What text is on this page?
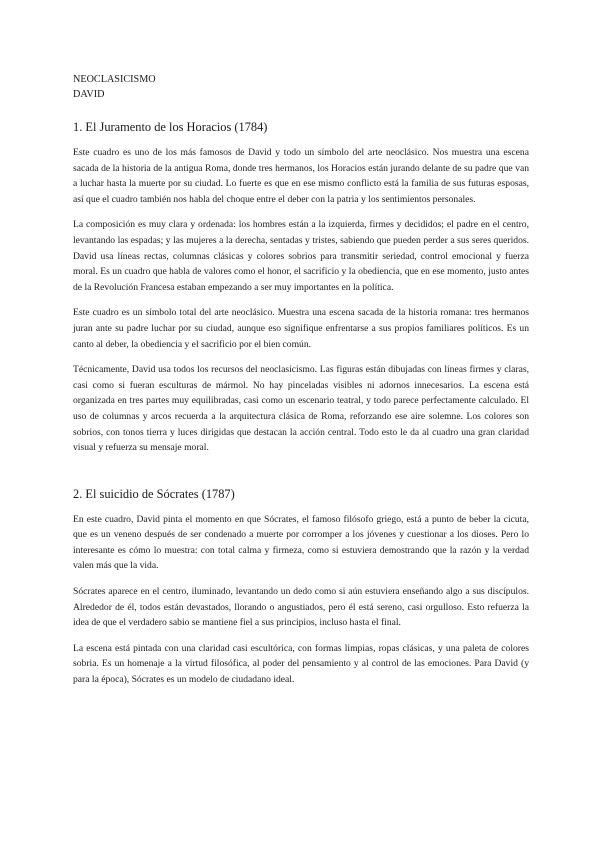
NEOCLASICISMO

DAVID

1. El Juramento de los Horacios (1784)

Este cuadro es uno de los más famosos de David y todo un símbolo del arte neoclásico. Nos muestra una escena sacada de la historia de la antigua Roma, donde tres hermanos, los Horacios están jurando delante de su padre que van a luchar hasta la muerte por su ciudad. Lo fuerte es que en ese mismo conflicto está la familia de sus futuras esposas, así que el cuadro también nos habla del choque entre el deber con la patria y los sentimientos personales.

La composición es muy clara y ordenada: los hombres están a la izquierda, firmes y decididos; el padre en el centro, levantando las espadas; y las mujeres a la derecha, sentadas y tristes, sabiendo que pueden perder a sus seres queridos. David usa líneas rectas, columnas clásicas y colores sobrios para transmitir seriedad, control emocional y fuerza moral. Es un cuadro que habla de valores como el honor, el sacrificio y la obediencia, que en ese momento, justo antes de la Revolución Francesa estaban empezando a ser muy importantes en la política.

Este cuadro es un símbolo total del arte neoclásico. Muestra una escena sacada de la historia romana: tres hermanos juran ante su padre luchar por su ciudad, aunque eso signifique enfrentarse a sus propios familiares políticos. Es un canto al deber, la obediencia y el sacrificio por el bien común.

Técnicamente, David usa todos los recursos del neoclasicismo. Las figuras están dibujadas con líneas firmes y claras, casi como si fueran esculturas de mármol. No hay pinceladas visibles ni adornos innecesarios. La escena está organizada en tres partes muy equilibradas, casi como un escenario teatral, y todo parece perfectamente calculado. El uso de columnas y arcos recuerda a la arquitectura clásica de Roma, reforzando ese aire solemne. Los colores son sobrios, con tonos tierra y luces dirigidas que destacan la acción central. Todo esto le da al cuadro una gran claridad visual y refuerza su mensaje moral.

2. El suicidio de Sócrates (1787)

En este cuadro, David pinta el momento en que Sócrates, el famoso filósofo griego, está a punto de beber la cicuta, que es un veneno después de ser condenado a muerte por corromper a los jóvenes y cuestionar a los dioses. Pero lo interesante es cómo lo muestra: con total calma y firmeza, como si estuviera demostrando que la razón y la verdad valen más que la vida.

Sócrates aparece en el centro, iluminado, levantando un dedo como si aún estuviera enseñando algo a sus discípulos. Alrededor de él, todos están devastados, llorando o angustiados, pero él está sereno, casi orgulloso. Esto refuerza la idea de que el verdadero sabio se mantiene fiel a sus principios, incluso hasta el final.

La escena está pintada con una claridad casi escultórica, con formas limpias, ropas clásicas, y una paleta de colores sobria. Es un homenaje a la virtud filosófica, al poder del pensamiento y al control de las emociones. Para David (y para la época), Sócrates es un modelo de ciudadano ideal.
